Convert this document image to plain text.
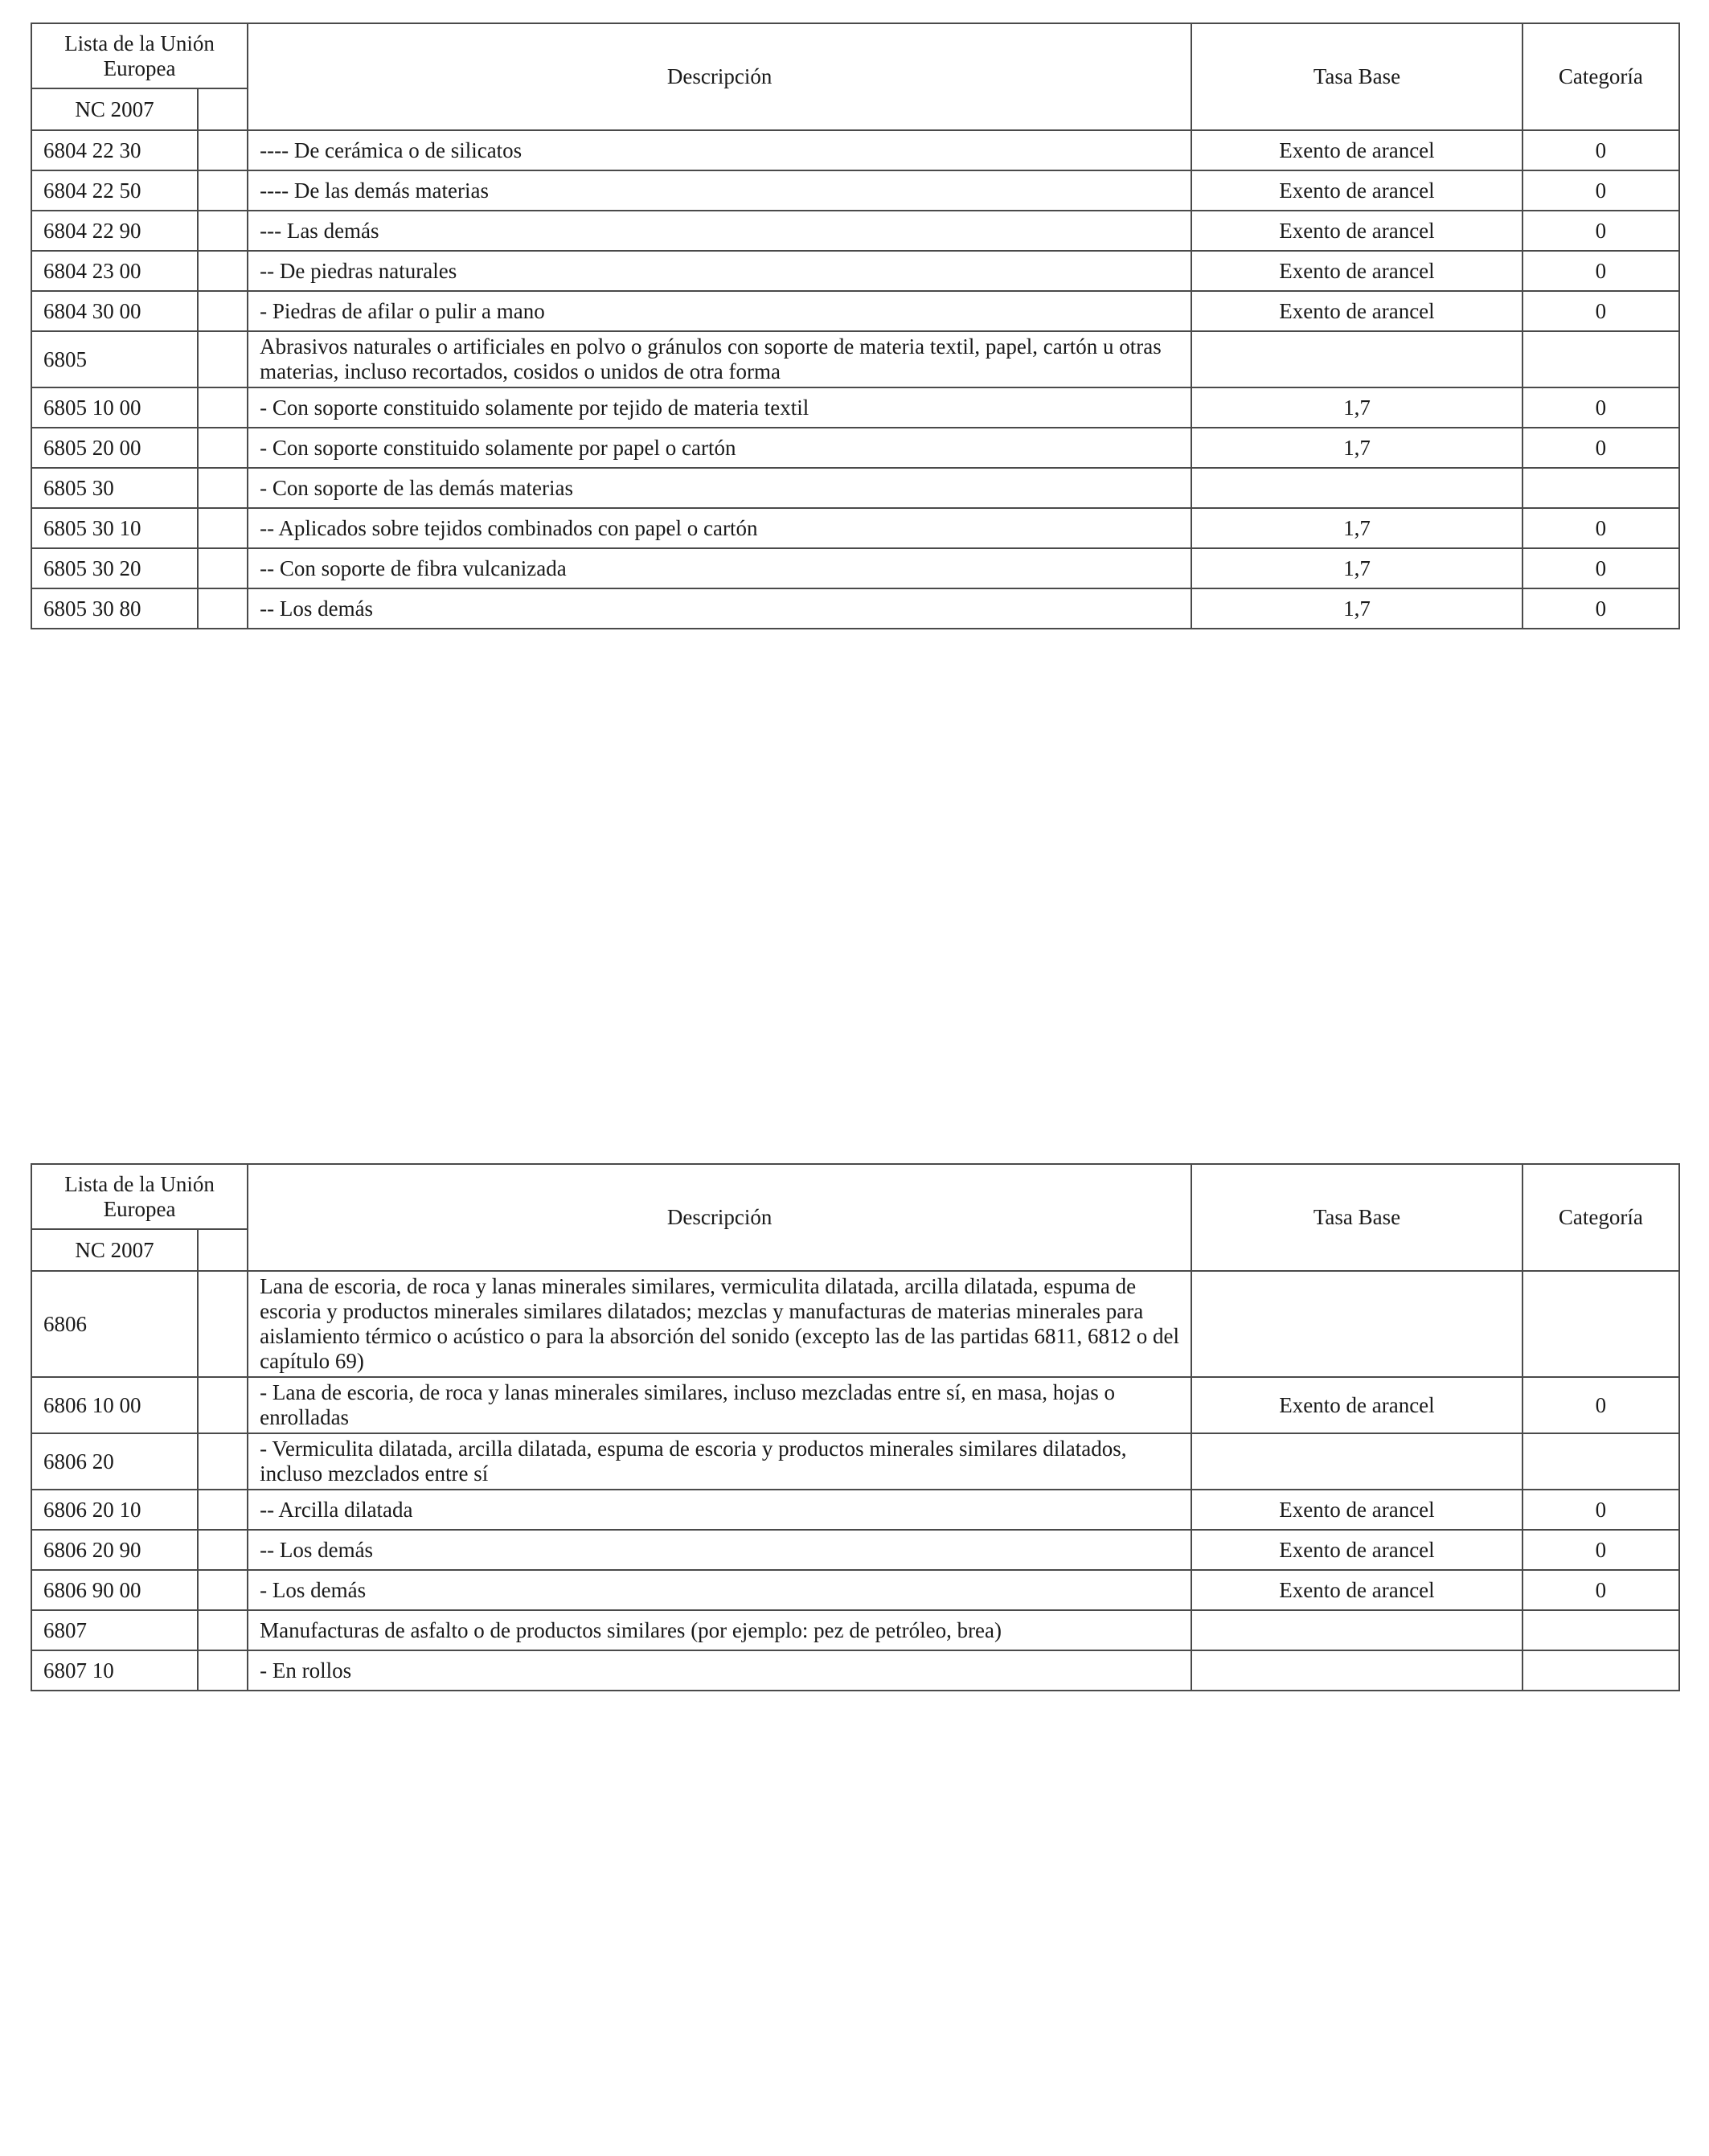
Lista de la Unión Europea		Descripción	Tasa Base	Categoría
NC 2007				
6804 22 30		---- De cerámica o de silicatos	Exento de arancel	0
6804 22 50		---- De las demás materias	Exento de arancel	0
6804 22 90		--- Las demás	Exento de arancel	0
6804 23 00		-- De piedras naturales	Exento de arancel	0
6804 30 00		- Piedras de afilar o pulir a mano	Exento de arancel	0
6805		Abrasivos naturales o artificiales en polvo o gránulos con soporte de materia textil, papel, cartón u otras materias, incluso recortados, cosidos o unidos de otra forma		
6805 10 00		- Con soporte constituido solamente por tejido de materia textil	1,7	0
6805 20 00		- Con soporte constituido solamente por papel o cartón	1,7	0
6805 30		- Con soporte de las demás materias		
6805 30 10		-- Aplicados sobre tejidos combinados con papel o cartón	1,7	0
6805 30 20		-- Con soporte de fibra vulcanizada	1,7	0
6805 30 80		-- Los demás	1,7	0
Lista de la Unión Europea		Descripción	Tasa Base	Categoría
NC 2007				
6806		Lana de escoria, de roca y lanas minerales similares, vermiculita dilatada, arcilla dilatada, espuma de escoria y productos minerales similares dilatados; mezclas y manufacturas de materias minerales para aislamiento térmico o acústico o para la absorción del sonido (excepto las de las partidas 6811, 6812 o del capítulo 69)		
6806 10 00		- Lana de escoria, de roca y lanas minerales similares, incluso mezcladas entre sí, en masa, hojas o enrolladas	Exento de arancel	0
6806 20		- Vermiculita dilatada, arcilla dilatada, espuma de escoria y productos minerales similares dilatados, incluso mezclados entre sí		
6806 20 10		-- Arcilla dilatada	Exento de arancel	0
6806 20 90		-- Los demás	Exento de arancel	0
6806 90 00		- Los demás	Exento de arancel	0
6807		Manufacturas de asfalto o de productos similares (por ejemplo: pez de petróleo, brea)		
6807 10		- En rollos		
